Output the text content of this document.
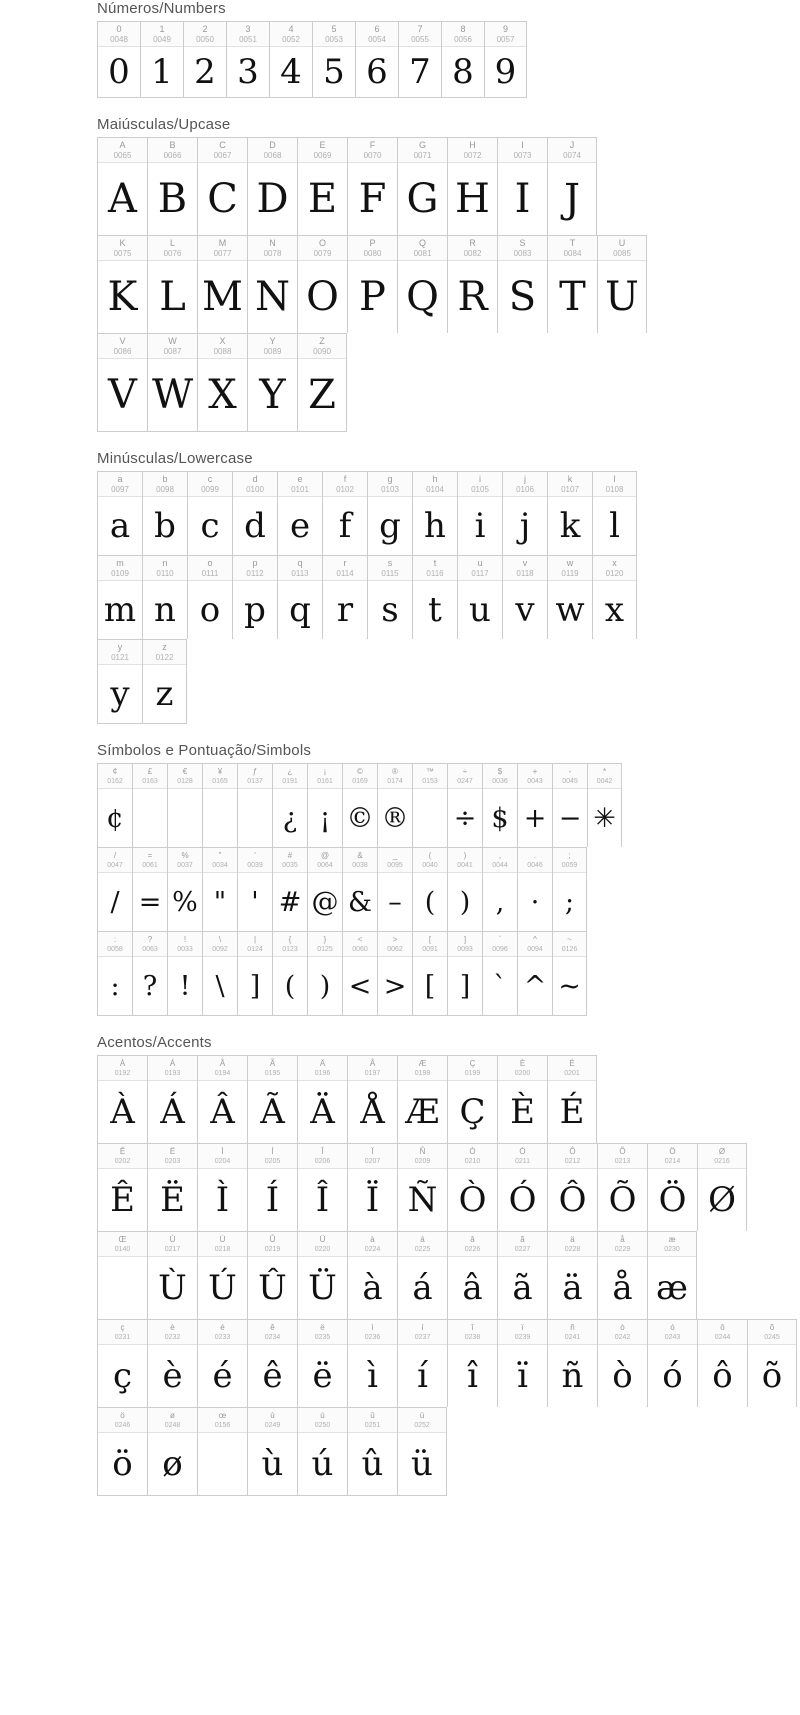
Números/Numbers
0
0048
0
1
0049
1
2
0050
2
3
0051
3
4
0052
4
5
0053
5
6
0054
6
7
0055
7
8
0056
8
9
0057
9
Maiúsculas/Upcase
A
0065
A
B
0066
B
C
0067
C
D
0068
D
E
0069
E
F
0070
F
G
0071
G
H
0072
H
I
0073
I
J
0074
J
K
0075
K
L
0076
L
M
0077
M
N
0078
N
O
0079
O
P
0080
P
Q
0081
Q
R
0082
R
S
0083
S
T
0084
T
U
0085
U
V
0086
V
W
0087
W
X
0088
X
Y
0089
Y
Z
0090
Z
Minúsculas/Lowercase
a
0097
a
b
0098
b
c
0099
c
d
0100
d
e
0101
e
f
0102
f
g
0103
g
h
0104
h
i
0105
i
j
0106
j
k
0107
k
l
0108
l
m
0109
m
n
0110
n
o
0111
o
p
0112
p
q
0113
q
r
0114
r
s
0115
s
t
0116
t
u
0117
u
v
0118
v
w
0119
w
x
0120
x
y
0121
y
z
0122
z
Símbolos e Pontuação/Simbols
¢
0162
¢
£
0163
€
0128
¥
0165
ƒ
0137
¿
0191
¿
¡
0161
¡
©
0169
©
®
0174
®
™
0153
÷
0247
÷
$
0036
$
+
0043
+
-
0045
−
*
0042
✳
/
0047
/
=
0061
=
%
0037
%
"
0034
"
'
0039
'
#
0035
#
@
0064
@
&
0038
&
_
0095
–
(
0040
(
)
0041
)
,
0044
,
.
0046
·
;
0059
;
:
0058
:
?
0063
?
!
0033
!
\
0092
\
|
0124
]
{
0123
(
}
0125
)
<
0060
<
>
0062
>
[
0091
[
]
0093
]
`
0096
`
^
0094
^
~
0126
~
Acentos/Accents
À
0192
À
Á
0193
Á
Â
0194
Â
Ã
0195
Ã
Ä
0196
Ä
Å
0197
Å
Æ
0198
Æ
Ç
0199
Ç
È
0200
È
É
0201
É
Ê
0202
Ê
Ë
0203
Ë
Ì
0204
Ì
Í
0205
Í
Î
0206
Î
Ï
0207
Ï
Ñ
0209
Ñ
Ò
0210
Ò
Ó
0211
Ó
Ô
0212
Ô
Õ
0213
Õ
Ö
0214
Ö
Ø
0216
Ø
Œ
0140
Ù
0217
Ù
Ú
0218
Ú
Û
0219
Û
Ü
0220
Ü
à
0224
à
á
0225
á
â
0226
â
ã
0227
ã
ä
0228
ä
å
0229
å
æ
0230
æ
ç
0231
ç
è
0232
è
é
0233
é
ê
0234
ê
ë
0235
ë
ì
0236
ì
í
0237
í
î
0238
î
ï
0239
ï
ñ
0241
ñ
ò
0242
ò
ó
0243
ó
ô
0244
ô
õ
0245
õ
ö
0246
ö
ø
0248
ø
œ
0156
ù
0249
ù
ú
0250
ú
û
0251
û
ü
0252
ü
